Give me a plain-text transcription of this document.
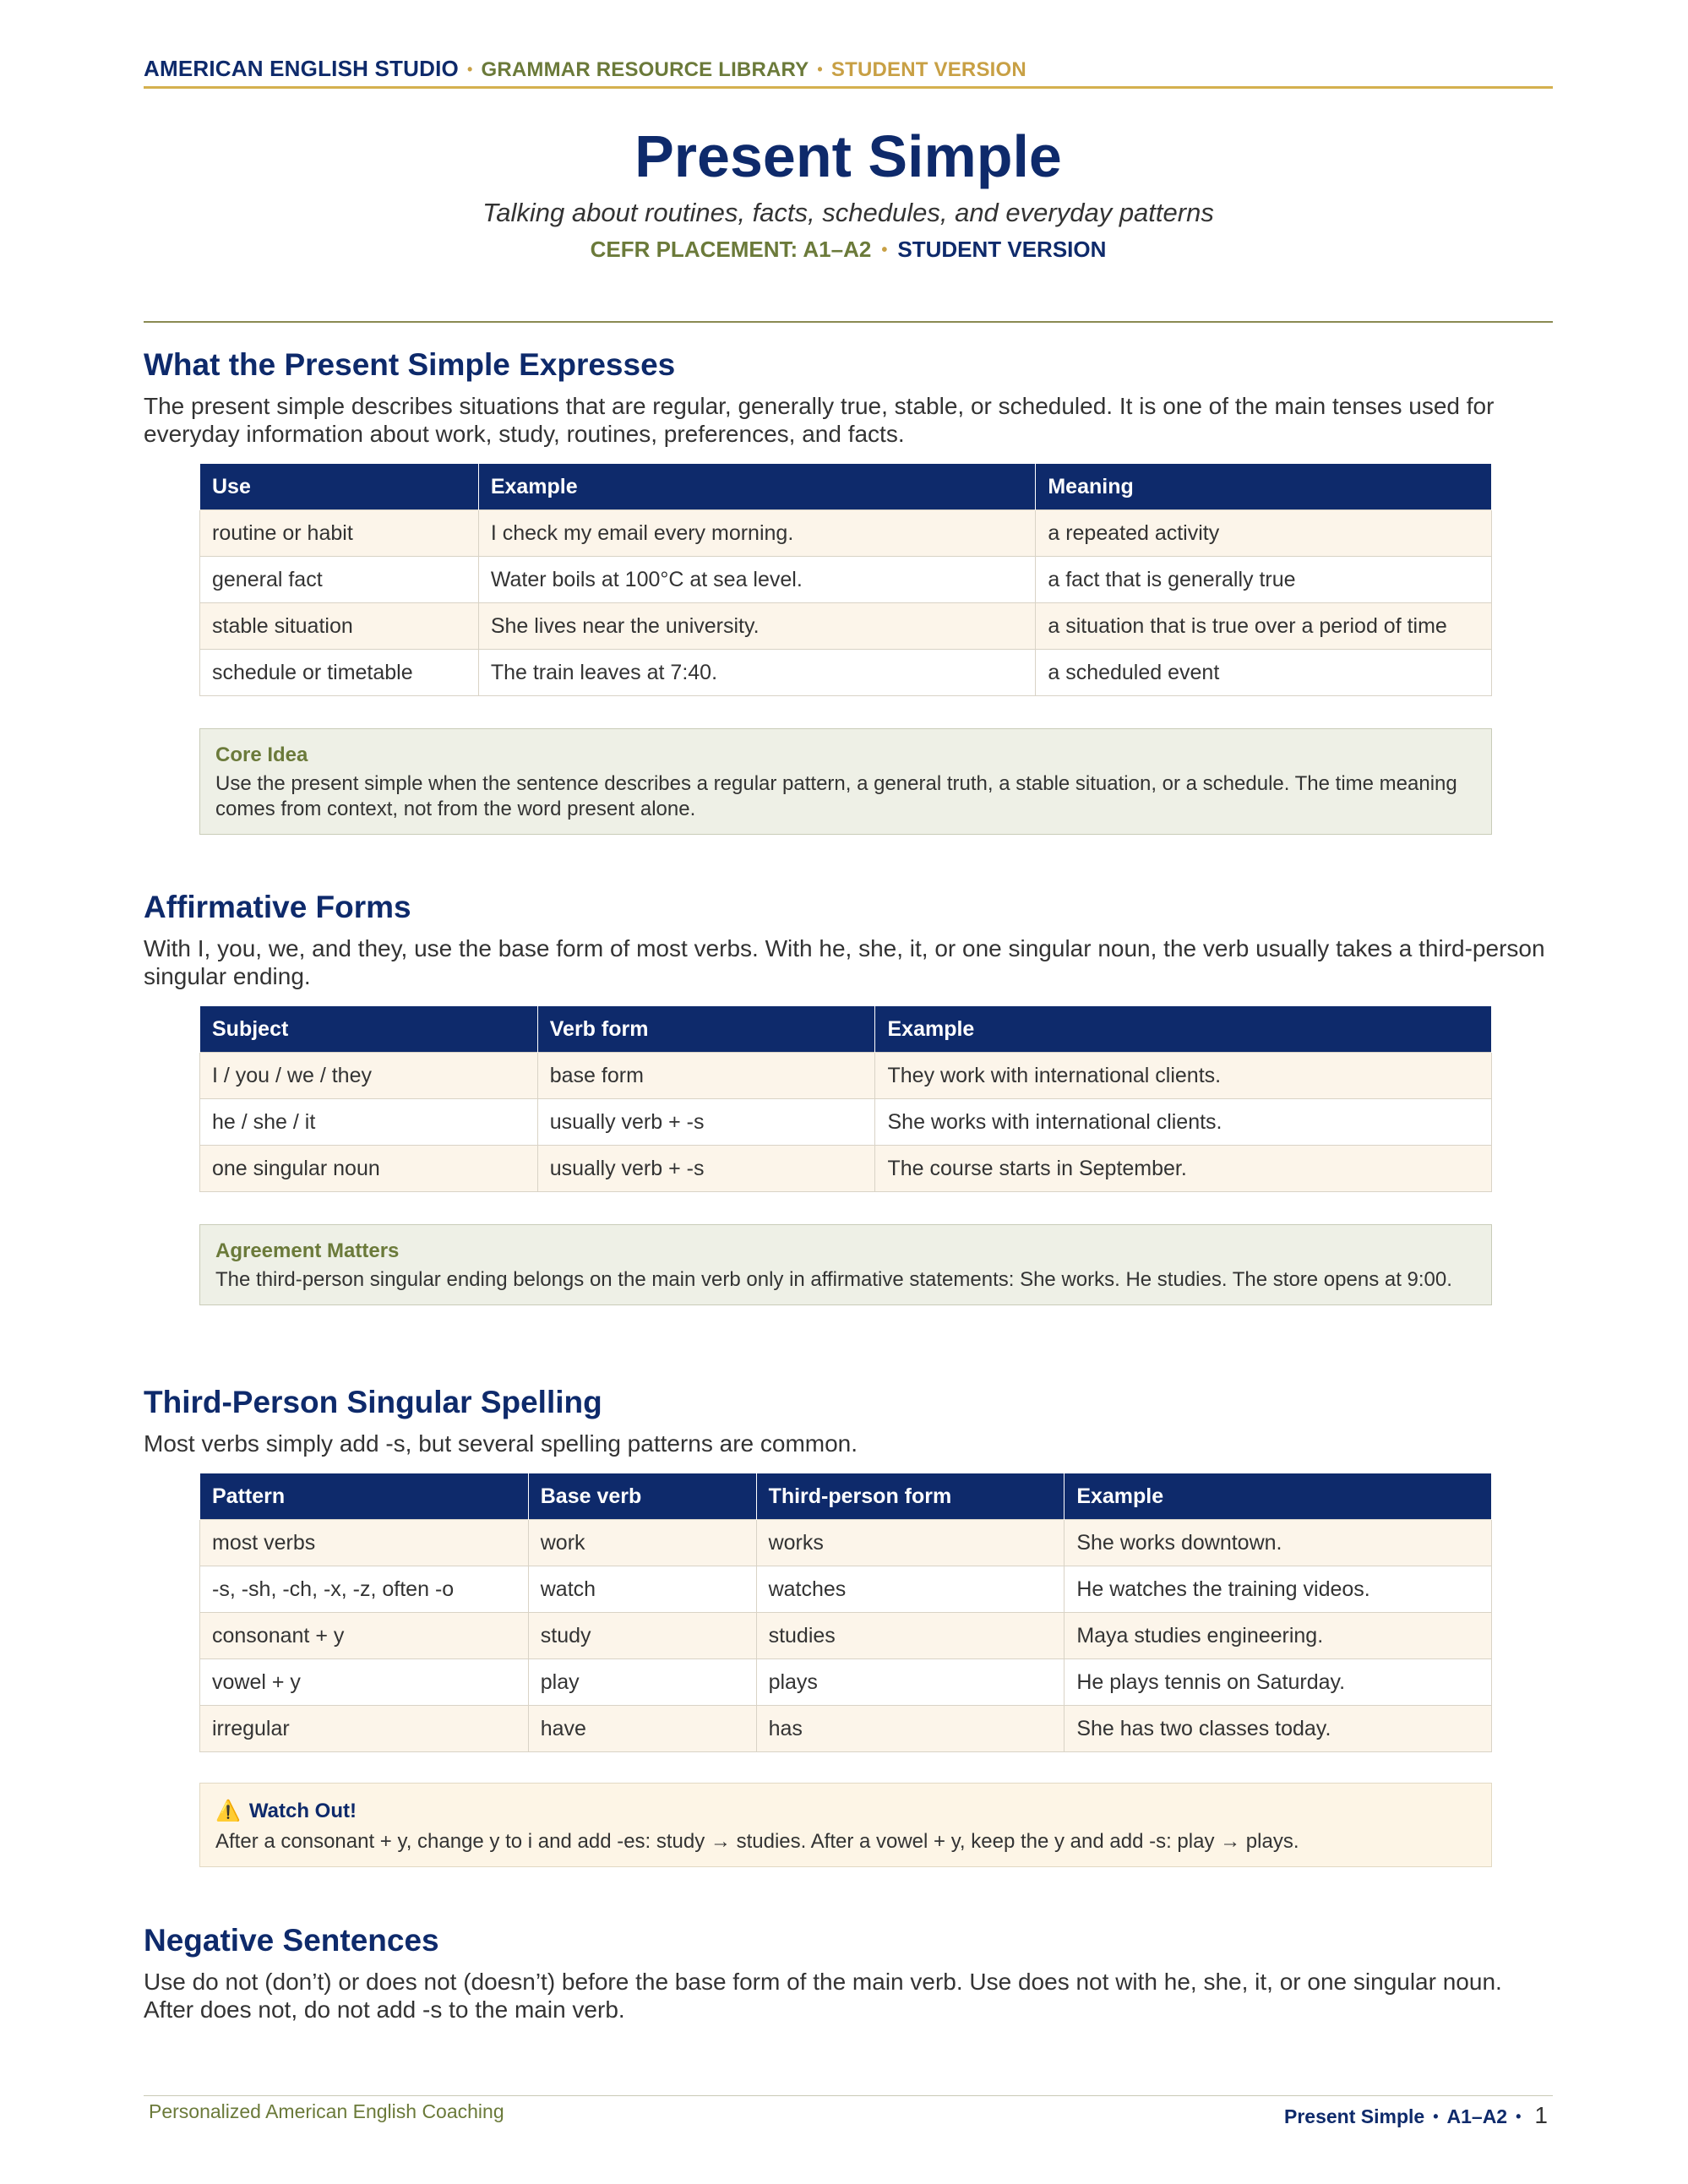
AMERICAN ENGLISH STUDIO • GRAMMAR RESOURCE LIBRARY • STUDENT VERSION
Present Simple
Talking about routines, facts, schedules, and everyday patterns
CEFR PLACEMENT: A1–A2 • STUDENT VERSION
What the Present Simple Expresses

The present simple describes situations that are regular, generally true, stable, or scheduled. It is one of the main tenses used for everyday information about work, study, routines, preferences, and facts.

Use	Example	Meaning
routine or habit	I check my email every morning.	a repeated activity
general fact	Water boils at 100°C at sea level.	a fact that is generally true
stable situation	She lives near the university.	a situation that is true over a period of time
schedule or timetable	The train leaves at 7:40.	a scheduled event
Core Idea
Use the present simple when the sentence describes a regular pattern, a general truth, a stable situation, or a schedule. The time meaning comes from context, not from the word present alone.
Affirmative Forms

With I, you, we, and they, use the base form of most verbs. With he, she, it, or one singular noun, the verb usually takes a third-person singular ending.

Subject	Verb form	Example
I / you / we / they	base form	They work with international clients.
he / she / it	usually verb + -s	She works with international clients.
one singular noun	usually verb + -s	The course starts in September.
Agreement Matters
The third-person singular ending belongs on the main verb only in affirmative statements: She works. He studies. The store opens at 9:00.
Third-Person Singular Spelling

Most verbs simply add -s, but several spelling patterns are common.

Pattern	Base verb	Third-person form	Example
most verbs	work	works	She works downtown.
-s, -sh, -ch, -x, -z, often -o	watch	watches	He watches the training videos.
consonant + y	study	studies	Maya studies engineering.
vowel + y	play	plays	He plays tennis on Saturday.
irregular	have	has	She has two classes today.
⚠️ Watch Out!
After a consonant + y, change y to i and add -es: study → studies. After a vowel + y, keep the y and add -s: play → plays.
Negative Sentences

Use do not (don’t) or does not (doesn’t) before the base form of the main verb. Use does not with he, she, it, or one singular noun. After does not, do not add -s to the main verb.

Personalized American English Coaching	Present Simple • A1–A2 • 1
